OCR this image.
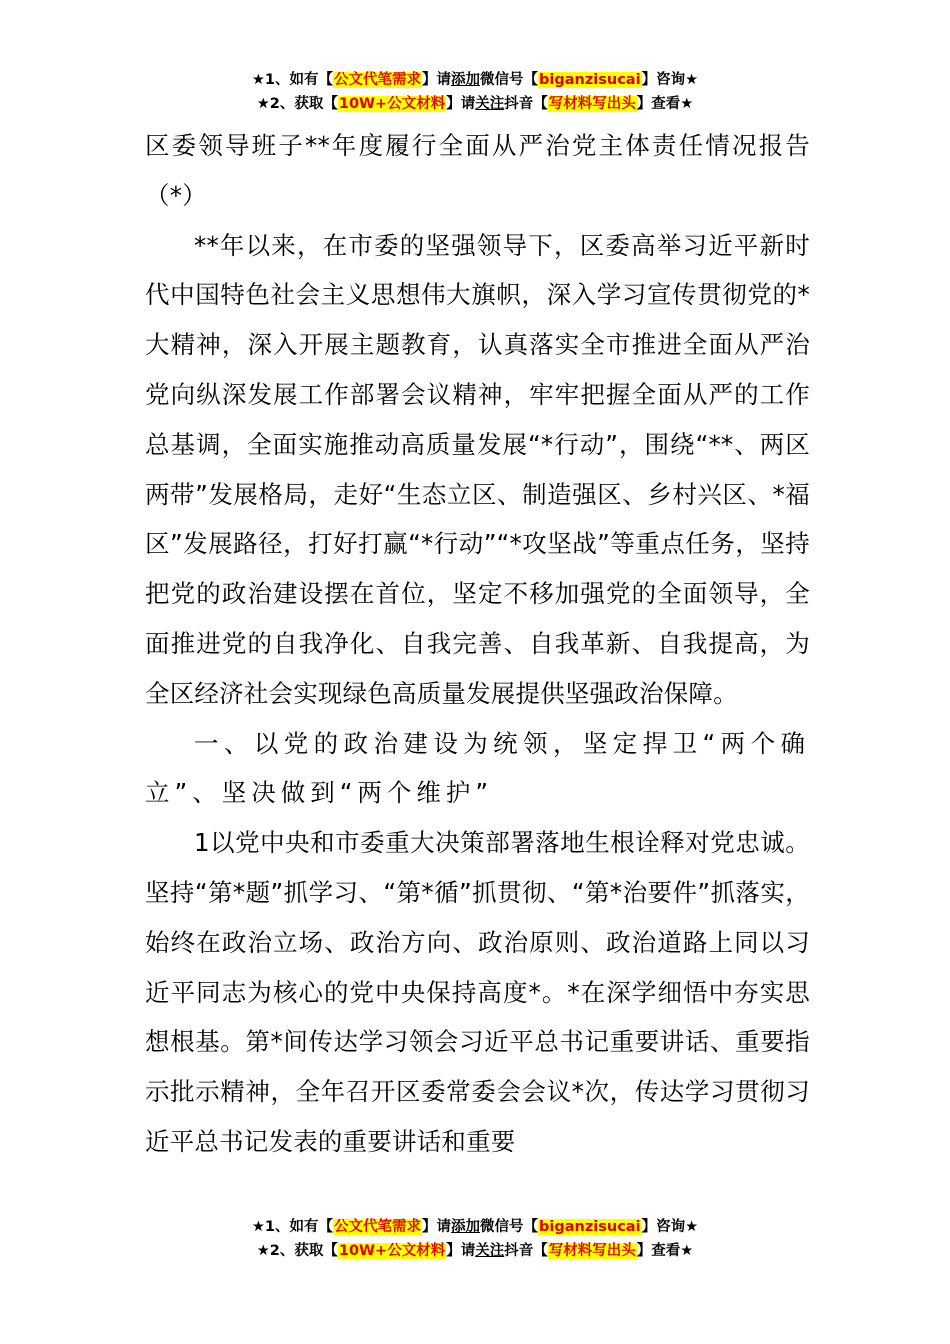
★1、如有【公文代笔需求】请添加微信号【biganzisucai】咨询★
★2、获取【10W+公文材料】请关注抖音【写材料写出头】查看★

区委领导班子**年度履行全面从严治党主体责任情况报告（*）

**年以来，在市委的坚强领导下，区委高举习近平新时代中国特色社会主义思想伟大旗帜，深入学习宣传贯彻党的*大精神，深入开展主题教育，认真落实全市推进全面从严治党向纵深发展工作部署会议精神，牢牢把握全面从严的工作总基调，全面实施推动高质量发展“*行动”，围绕“**、两区两带”发展格局，走好“生态立区、制造强区、乡村兴区、*福区”发展路径，打好打赢“*行动”“*攻坚战”等重点任务，坚持把党的政治建设摆在首位，坚定不移加强党的全面领导，全面推进党的自我净化、自我完善、自我革新、自我提高，为全区经济社会实现绿色高质量发展提供坚强政治保障。

一、以党的政治建设为统领，坚定捍卫“两个确立”、坚决做到“两个维护”

1以党中央和市委重大决策部署落地生根诠释对党忠诚。坚持“第*题”抓学习、“第*循”抓贯彻、“第*治要件”抓落实，始终在政治立场、政治方向、政治原则、政治道路上同以习近平同志为核心的党中央保持高度*。*在深学细悟中夯实思想根基。第*间传达学习领会习近平总书记重要讲话、重要指示批示精神，全年召开区委常委会会议*次，传达学习贯彻习近平总书记发表的重要讲话和重要

★1、如有【公文代笔需求】请添加微信号【biganzisucai】咨询★
★2、获取【10W+公文材料】请关注抖音【写材料写出头】查看★
